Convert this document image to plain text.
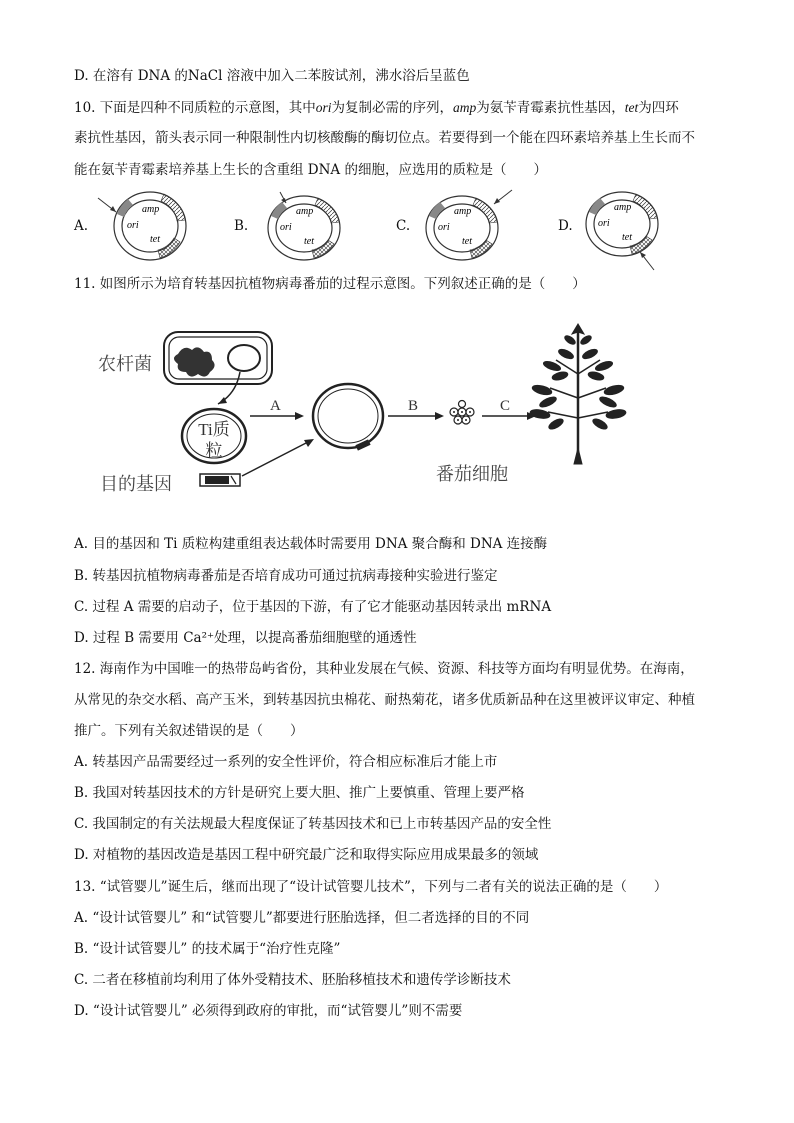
D. 在溶有 DNA 的NaCl 溶液中加入二苯胺试剂，沸水浴后呈蓝色
10. 下面是四种不同质粒的示意图，其中ori为复制必需的序列，amp为氨苄青霉素抗性基因，tet为四环
素抗性基因，箭头表示同一种限制性内切核酸酶的酶切位点。若要得到一个能在四环素培养基上生长而不
能在氨苄青霉素培养基上生长的含重组 DNA 的细胞，应选用的质粒是（　　）
A.	B.	C.	D.
amp
ori
tet
amp
ori
tet
amp
ori
tet
amp
ori
tet
11. 如图所示为培育转基因抗植物病毒番茄的过程示意图。下列叙述正确的是（　　）
Ti质
粒
A	B	C
农杆菌
目的基因	番茄细胞
A. 目的基因和 Ti 质粒构建重组表达载体时需要用 DNA 聚合酶和 DNA 连接酶
B. 转基因抗植物病毒番茄是否培育成功可通过抗病毒接种实验进行鉴定
C. 过程 A 需要的启动子，位于基因的下游，有了它才能驱动基因转录出 mRNA
D. 过程 B 需要用 Ca²⁺处理，以提高番茄细胞壁的通透性
12. 海南作为中国唯一的热带岛屿省份，其种业发展在气候、资源、科技等方面均有明显优势。在海南，
从常见的杂交水稻、高产玉米，到转基因抗虫棉花、耐热菊花，诸多优质新品种在这里被评议审定、种植
推广。下列有关叙述错误的是（　　）
A. 转基因产品需要经过一系列的安全性评价，符合相应标准后才能上市
B. 我国对转基因技术的方针是研究上要大胆、推广上要慎重、管理上要严格
C. 我国制定的有关法规最大程度保证了转基因技术和已上市转基因产品的安全性
D. 对植物的基因改造是基因工程中研究最广泛和取得实际应用成果最多的领域
13. “试管婴儿”诞生后，继而出现了“设计试管婴儿技术”，下列与二者有关的说法正确的是（　　）
A. “设计试管婴儿” 和“试管婴儿”都要进行胚胎选择，但二者选择的目的不同
B. “设计试管婴儿” 的技术属于“治疗性克隆”
C. 二者在移植前均利用了体外受精技术、胚胎移植技术和遗传学诊断技术
D. “设计试管婴儿” 必须得到政府的审批，而“试管婴儿”则不需要
